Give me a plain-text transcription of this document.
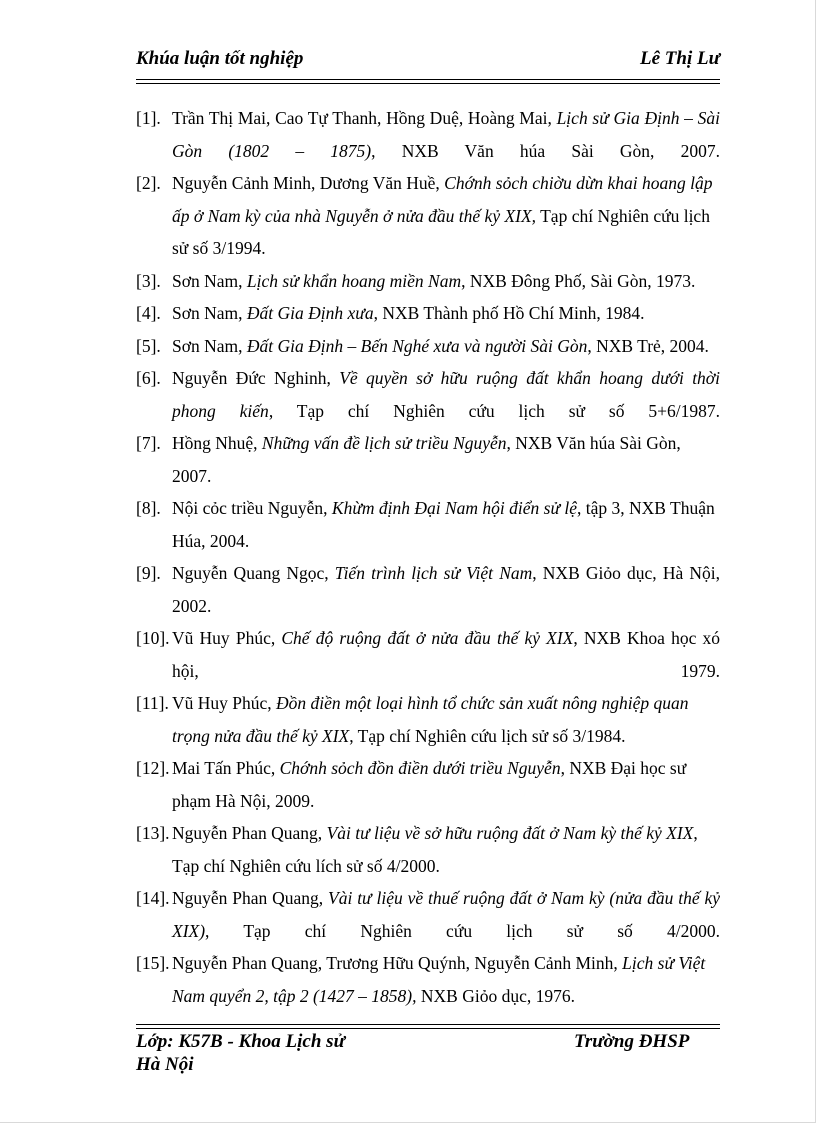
Khúa luận tốt nghiệp	Lê Thị Lư
[1]. Trần Thị Mai, Cao Tự Thanh, Hồng Duệ, Hoàng Mai, Lịch sử Gia Định – Sài Gòn (1802 – 1875), NXB Văn húa Sài Gòn, 2007.
[2]. Nguyễn Cảnh Minh, Dương Văn Huề, Chớnh sỏch chiờu dừn khai hoang lập ấp ở Nam kỳ của nhà Nguyễn ở nửa đầu thế kỷ XIX, Tạp chí Nghiên cứu lịch sử số 3/1994.
[3]. Sơn Nam, Lịch sử khẩn hoang miền Nam, NXB Đông Phố, Sài Gòn, 1973.
[4]. Sơn Nam, Đất Gia Định xưa, NXB Thành phố Hồ Chí Minh, 1984.
[5]. Sơn Nam, Đất Gia Định – Bến Nghé xưa và người Sài Gòn, NXB Trẻ, 2004.
[6]. Nguyễn Đức Nghinh, Về quyền sở hữu ruộng đất khẩn hoang dưới thời phong kiến, Tạp chí Nghiên cứu lịch sử số 5+6/1987.
[7]. Hồng Nhuệ, Những vấn đề lịch sử triều Nguyễn, NXB Văn húa Sài Gòn, 2007.
[8]. Nội cỏc triều Nguyễn, Khừm định Đại Nam hội điển sử lệ, tập 3, NXB Thuận Húa, 2004.
[9]. Nguyễn Quang Ngọc, Tiến trình lịch sử Việt Nam, NXB Giỏo dục, Hà Nội, 2002.
[10]. Vũ Huy Phúc, Chế độ ruộng đất ở nửa đầu thế kỷ XIX, NXB Khoa học xó hội, 1979.
[11]. Vũ Huy Phúc, Đồn điền một loại hình tổ chức sản xuất nông nghiệp quan trọng nửa đầu thế kỷ XIX, Tạp chí Nghiên cứu lịch sử số 3/1984.
[12]. Mai Tấn Phúc, Chớnh sỏch đồn điền dưới triều Nguyễn, NXB Đại học sư phạm Hà Nội, 2009.
[13]. Nguyễn Phan Quang, Vài tư liệu về sở hữu ruộng đất ở Nam kỳ thế kỷ XIX, Tạp chí Nghiên cứu lích sử số 4/2000.
[14]. Nguyễn Phan Quang, Vài tư liệu về thuế ruộng đất ở Nam kỳ (nửa đầu thế kỷ XIX), Tạp chí Nghiên cứu lịch sử số 4/2000.
[15]. Nguyễn Phan Quang, Trương Hữu Quýnh, Nguyễn Cảnh Minh, Lịch sử Việt Nam quyển 2, tập 2 (1427 – 1858), NXB Giỏo dục, 1976.
Lớp: K57B - Khoa Lịch sử	Trường ĐHSP
Hà Nội
